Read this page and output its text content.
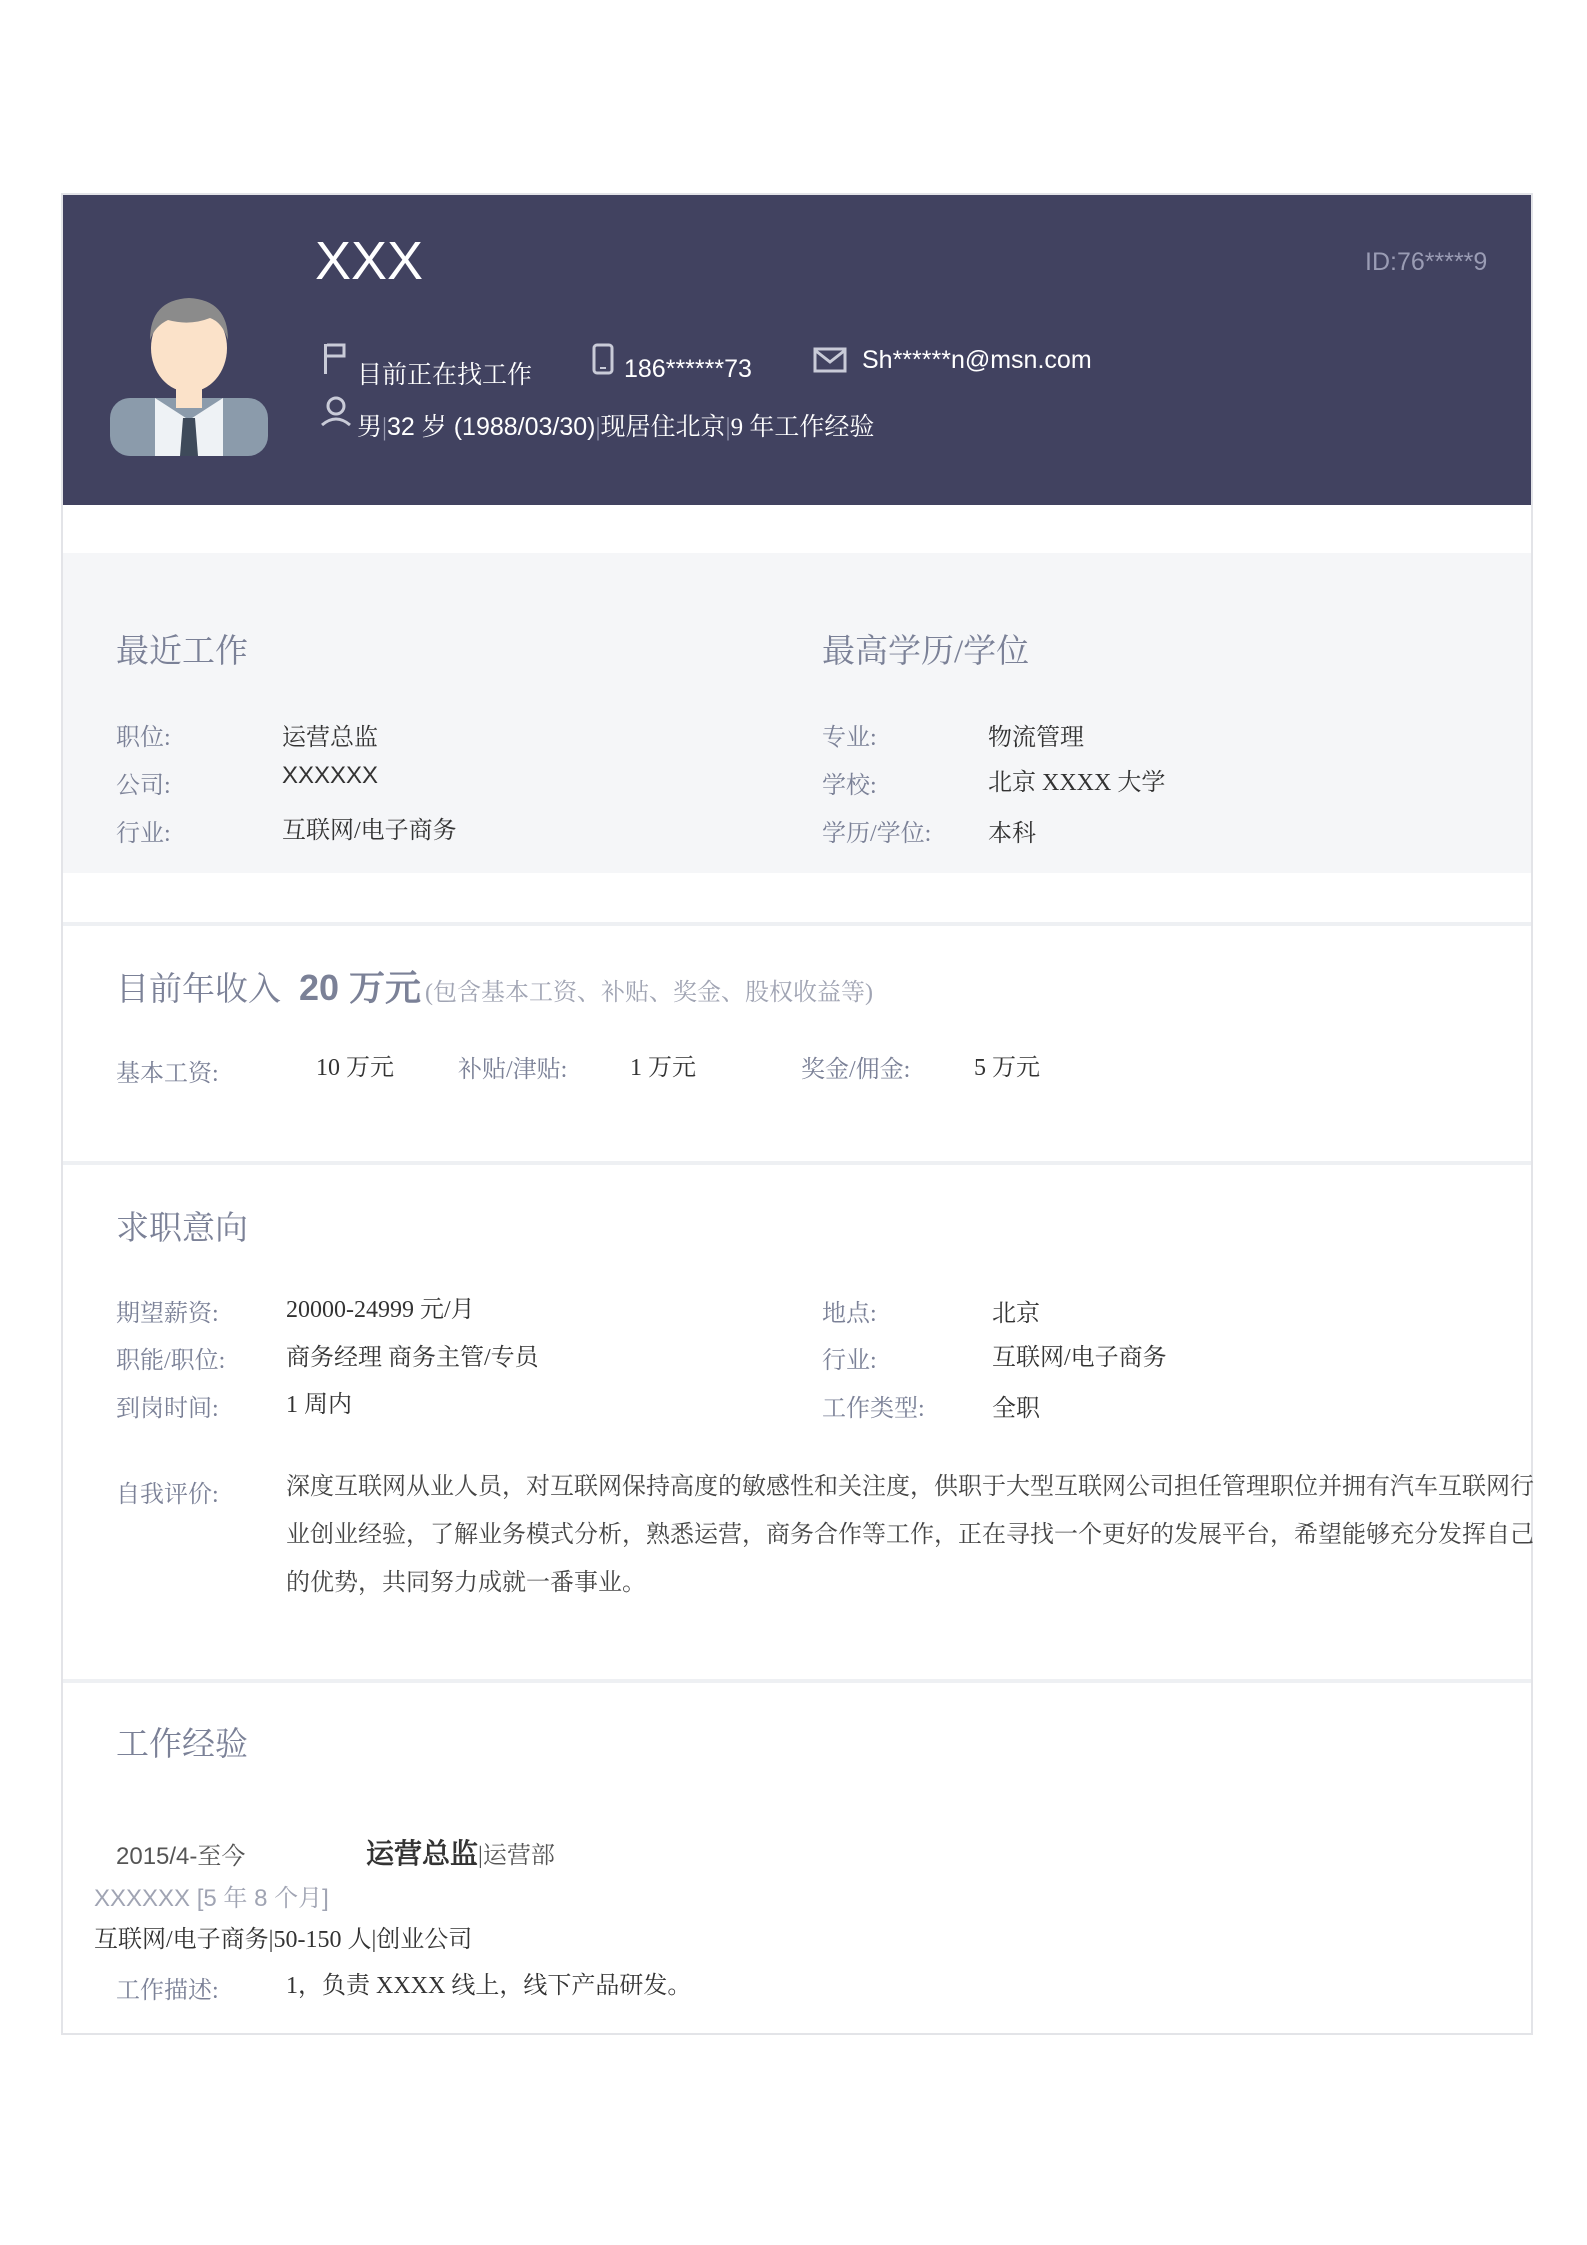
XXX	ID:76*****9
目前正在找工作	186******73	Sh******n@msn.com
男|32 岁 (1988/03/30)|现居住北京|9 年工作经验
最近工作
职位:	运营总监
公司:	XXXXXX
行业:	互联网/电子商务
最高学历/学位
专业:	物流管理
学校:	北京 XXXX 大学
学历/学位: 本科
目前年收入 20 万元 (包含基本工资、补贴、奖金、股权收益等)
基本工资:	10 万元	补贴/津贴:	1 万元	奖金/佣金:	5 万元
求职意向
期望薪资:	20000-24999 元/月
职能/职位:	商务经理 商务主管/专员
到岗时间:	1 周内
地点:	北京
行业:	互联网/电子商务
工作类型:	全职
自我评价:	深度互联网从业人员，对互联网保持高度的敏感性和关注度，供职于大型互联网公司担任管理职位并拥有汽车互联网行业创业经验，了解业务模式分析，熟悉运营，商务合作等工作，正在寻找一个更好的发展平台，希望能够充分发挥自己的优势，共同努力成就一番事业。
工作经验
2015/4-至今	运营总监|运营部
XXXXXX [5 年 8 个月]
互联网/电子商务|50-150 人|创业公司
工作描述:	1，负责 XXXX 线上，线下产品研发。
